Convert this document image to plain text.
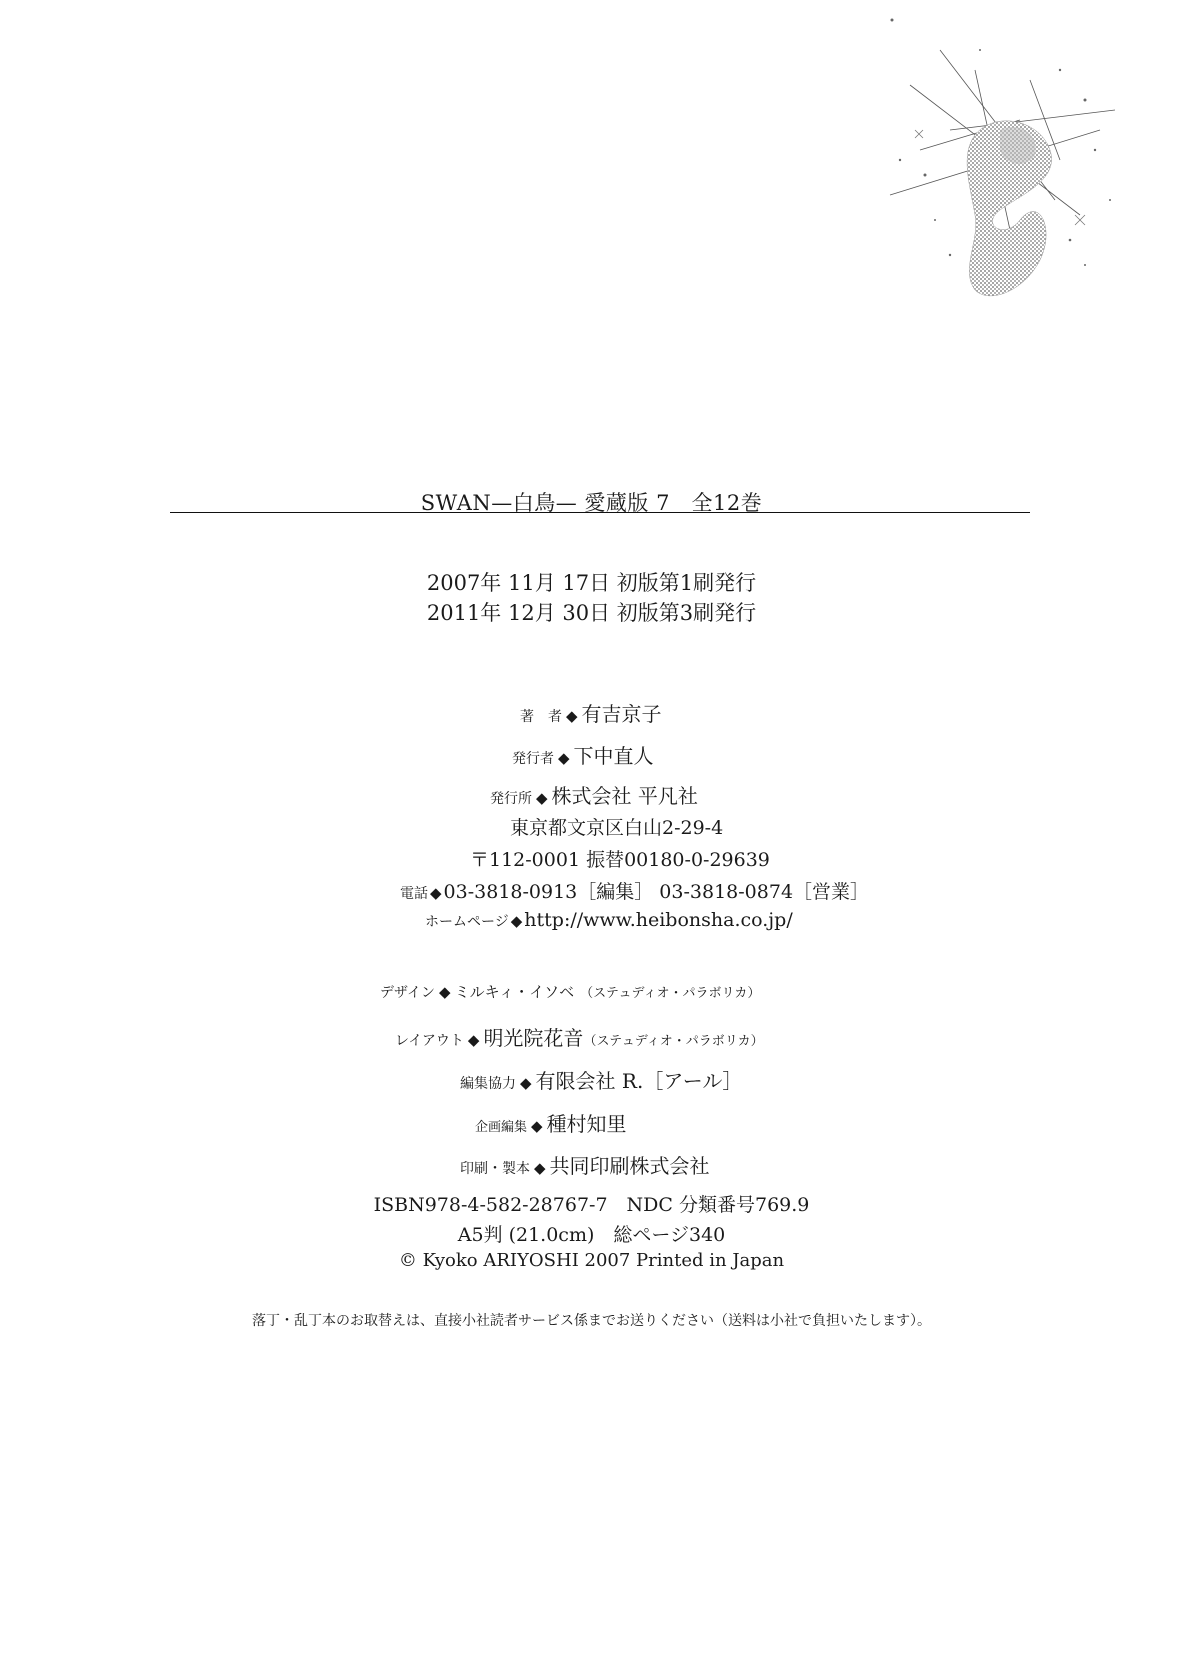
SWAN—白鳥— 愛蔵版 7　全12巻
2007年 11月 17日 初版第1刷発行
2011年 12月 30日 初版第3刷発行
著　者 ◆ 有吉京子
発行者 ◆ 下中直人
発行所 ◆ 株式会社 平凡社
東京都文京区白山2-29-4
〒112-0001 振替00180-0-29639
電話 ◆ 03-3818-0913［編集］ 03-3818-0874［営業］
ホームページ ◆ http://www.heibonsha.co.jp/
デザイン ◆ ミルキィ・イソベ （ステュディオ・パラボリカ）
レイアウト ◆ 明光院花音（ステュディオ・パラボリカ）
編集協力 ◆ 有限会社 R.［アール］
企画編集 ◆ 種村知里
印刷・製本 ◆ 共同印刷株式会社
ISBN978-4-582-28767-7　NDC 分類番号769.9
A5判 (21.0cm)　総ページ340
© Kyoko ARIYOSHI 2007 Printed in Japan
落丁・乱丁本のお取替えは、直接小社読者サービス係までお送りください（送料は小社で負担いたします）。
